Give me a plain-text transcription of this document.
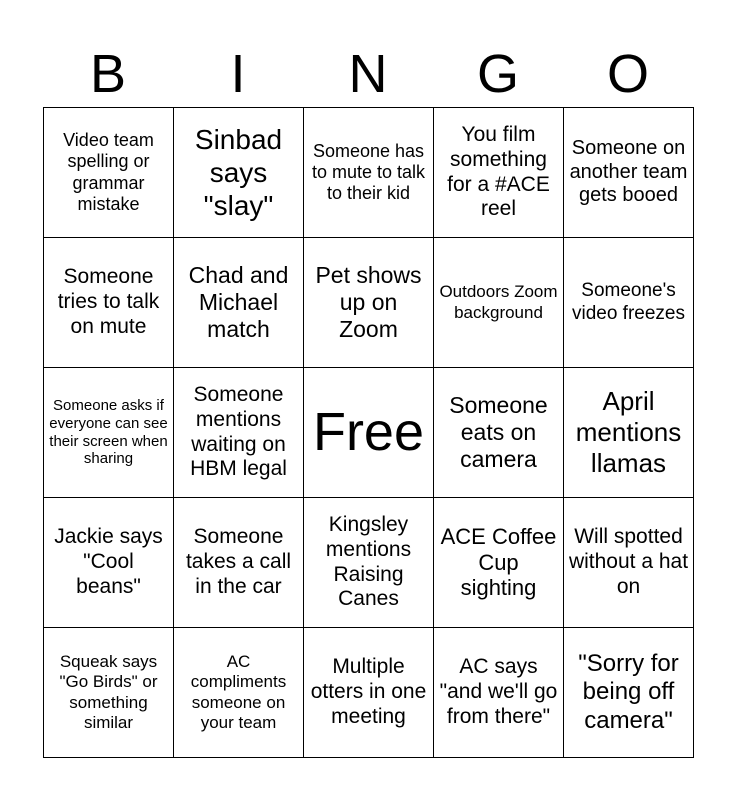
B	I	N	G	O
Video team spelling or grammar mistake	Sinbad says "slay"	Someone has to mute to talk to their kid	You film something for a #ACE reel	Someone on another team gets booed
Someone tries to talk on mute	Chad and Michael match	Pet shows up on Zoom	Outdoors Zoom background	Someone's video freezes
Someone asks if everyone can see their screen when sharing	Someone mentions waiting on HBM legal	Free	Someone eats on camera	April mentions llamas
Jackie says "Cool beans"	Someone takes a call in the car	Kingsley mentions Raising Canes	ACE Coffee Cup sighting	Will spotted without a hat on
Squeak says "Go Birds" or something similar	AC compliments someone on your team	Multiple otters in one meeting	AC says "and we'll go from there"	"Sorry for being off camera"
